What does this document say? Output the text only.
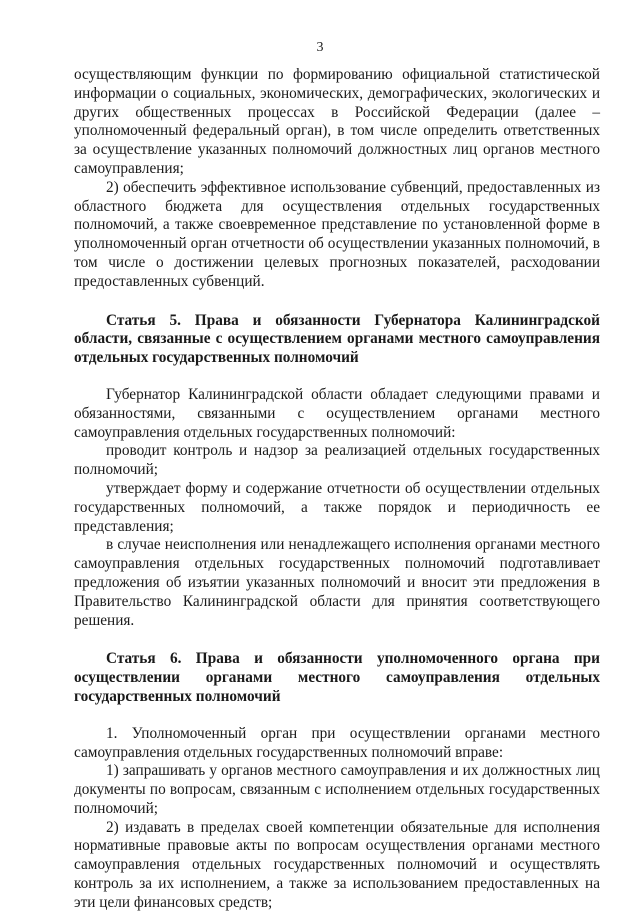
3

осуществляющим функции по формированию официальной статистической информации о социальных, экономических, демографических, экологических и других общественных процессах в Российской Федерации (далее – уполномоченный федеральный орган), в том числе определить ответственных за осуществление указанных полномочий должностных лиц органов местного самоуправления;

2) обеспечить эффективное использование субвенций, предоставленных из областного бюджета для осуществления отдельных государственных полномочий, а также своевременное представление по установленной форме в уполномоченный орган отчетности об осуществлении указанных полномочий, в том числе о достижении целевых прогнозных показателей, расходовании предоставленных субвенций.

Статья 5. Права и обязанности Губернатора Калининградской области, связанные с осуществлением органами местного самоуправления отдельных государственных полномочий

Губернатор Калининградской области обладает следующими правами и обязанностями, связанными с осуществлением органами местного самоуправления отдельных государственных полномочий:

проводит контроль и надзор за реализацией отдельных государственных полномочий;

утверждает форму и содержание отчетности об осуществлении отдельных государственных полномочий, а также порядок и периодичность ее представления;

в случае неисполнения или ненадлежащего исполнения органами местного самоуправления отдельных государственных полномочий подготавливает предложения об изъятии указанных полномочий и вносит эти предложения в Правительство Калининградской области для принятия соответствующего решения.

Статья 6. Права и обязанности уполномоченного органа при осуществлении органами местного самоуправления отдельных государственных полномочий

1. Уполномоченный орган при осуществлении органами местного самоуправления отдельных государственных полномочий вправе:

1) запрашивать у органов местного самоуправления и их должностных лиц документы по вопросам, связанным с исполнением отдельных государственных полномочий;

2) издавать в пределах своей компетенции обязательные для исполнения нормативные правовые акты по вопросам осуществления органами местного самоуправления отдельных государственных полномочий и осуществлять контроль за их исполнением, а также за использованием предоставленных на эти цели финансовых средств;
